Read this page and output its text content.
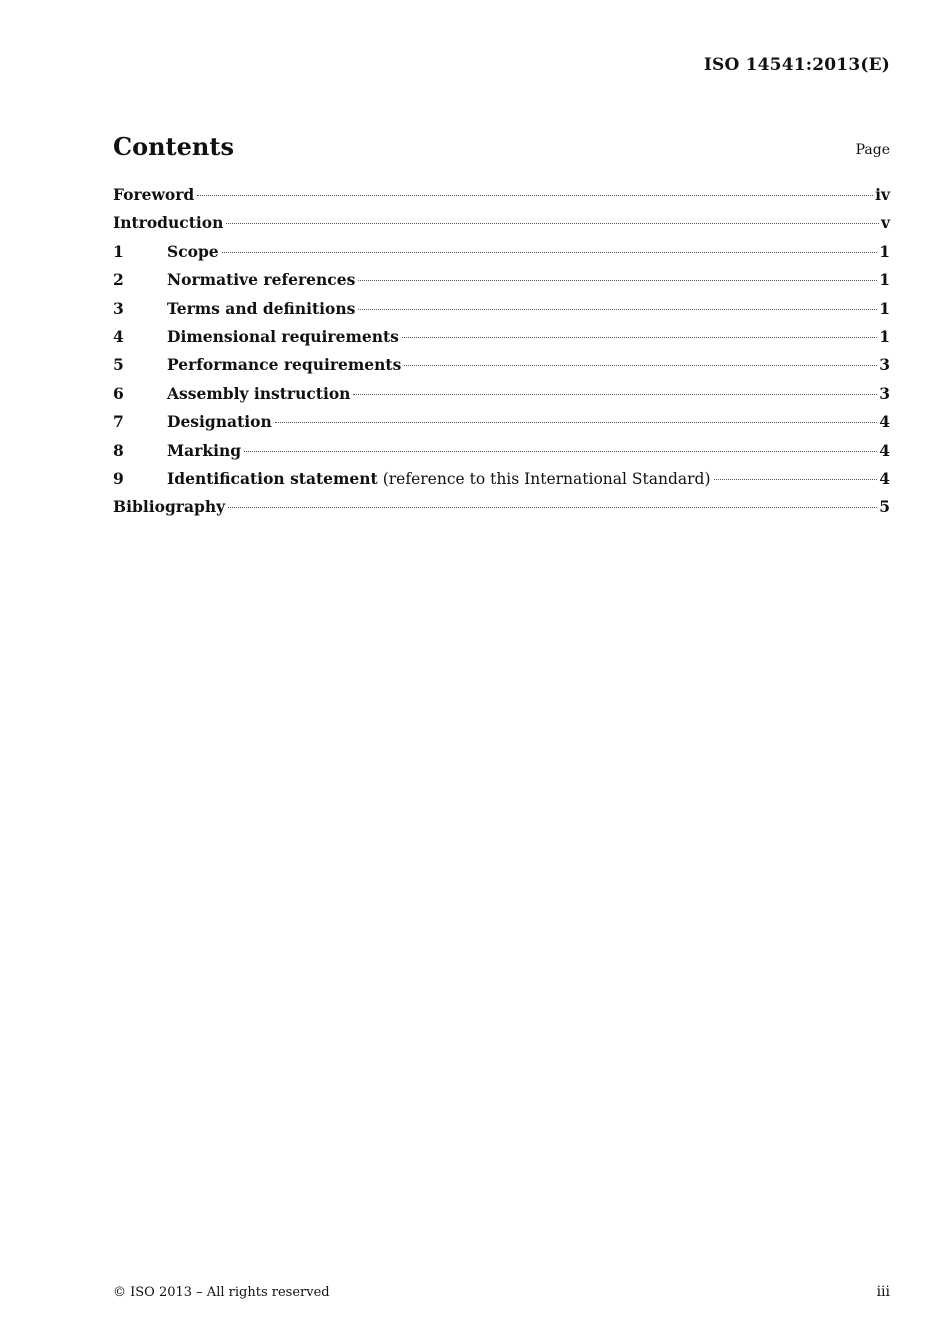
ISO 14541:2013(E)
Contents	Page
Foreword	iv
Introduction	v
1	Scope	1
2	Normative references	1
3	Terms and definitions	1
4	Dimensional requirements	1
5	Performance requirements	3
6	Assembly instruction	3
7	Designation	4
8	Marking	4
9	Identification statement (reference to this International Standard)	4
Bibliography	5
© ISO 2013 – All rights reserved	iii
